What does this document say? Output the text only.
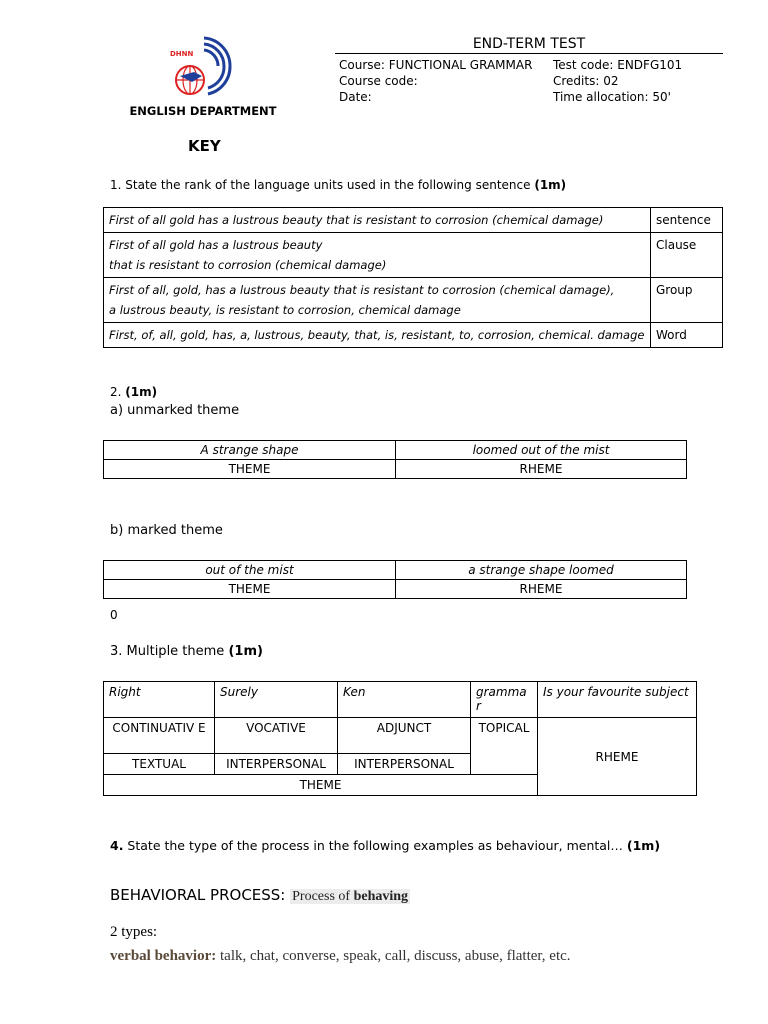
DHNN
ENGLISH DEPARTMENT
KEY
END-TERM TEST
Course: FUNCTIONAL GRAMMAR
Course code:
Date:
Test code: ENDFG101
Credits: 02
Time allocation: 50'
1. State the rank of the language units used in the following sentence (1m)
First of all gold has a lustrous beauty that is resistant to corrosion (chemical damage)	sentence

First of all gold has a lustrous beauty
that is resistant to corrosion (chemical damage)	Clause

First of all, gold, has a lustrous beauty that is resistant to corrosion (chemical damage),
a lustrous beauty, is resistant to corrosion, chemical damage	Group
First, of, all, gold, has, a, lustrous, beauty, that, is, resistant, to, corrosion, chemical. damage	Word
2. (1m)
a) unmarked theme
A strange shape	loomed out of the mist
THEME	RHEME
b) marked theme
out of the mist	a strange shape loomed
THEME	RHEME
0
3. Multiple theme (1m)
Right	Surely	Ken	gramma r	Is your favourite subject
CONTINUATIV E	VOCATIVE	ADJUNCT	TOPICAL	RHEME
TEXTUAL	INTERPERSONAL	INTERPERSONAL		
THEME				
4. State the type of the process in the following examples as behaviour, mental… (1m)
BEHAVIORAL PROCESS: Process of behaving
2 types:
verbal behavior: talk, chat, converse, speak, call, discuss, abuse, flatter, etc.
